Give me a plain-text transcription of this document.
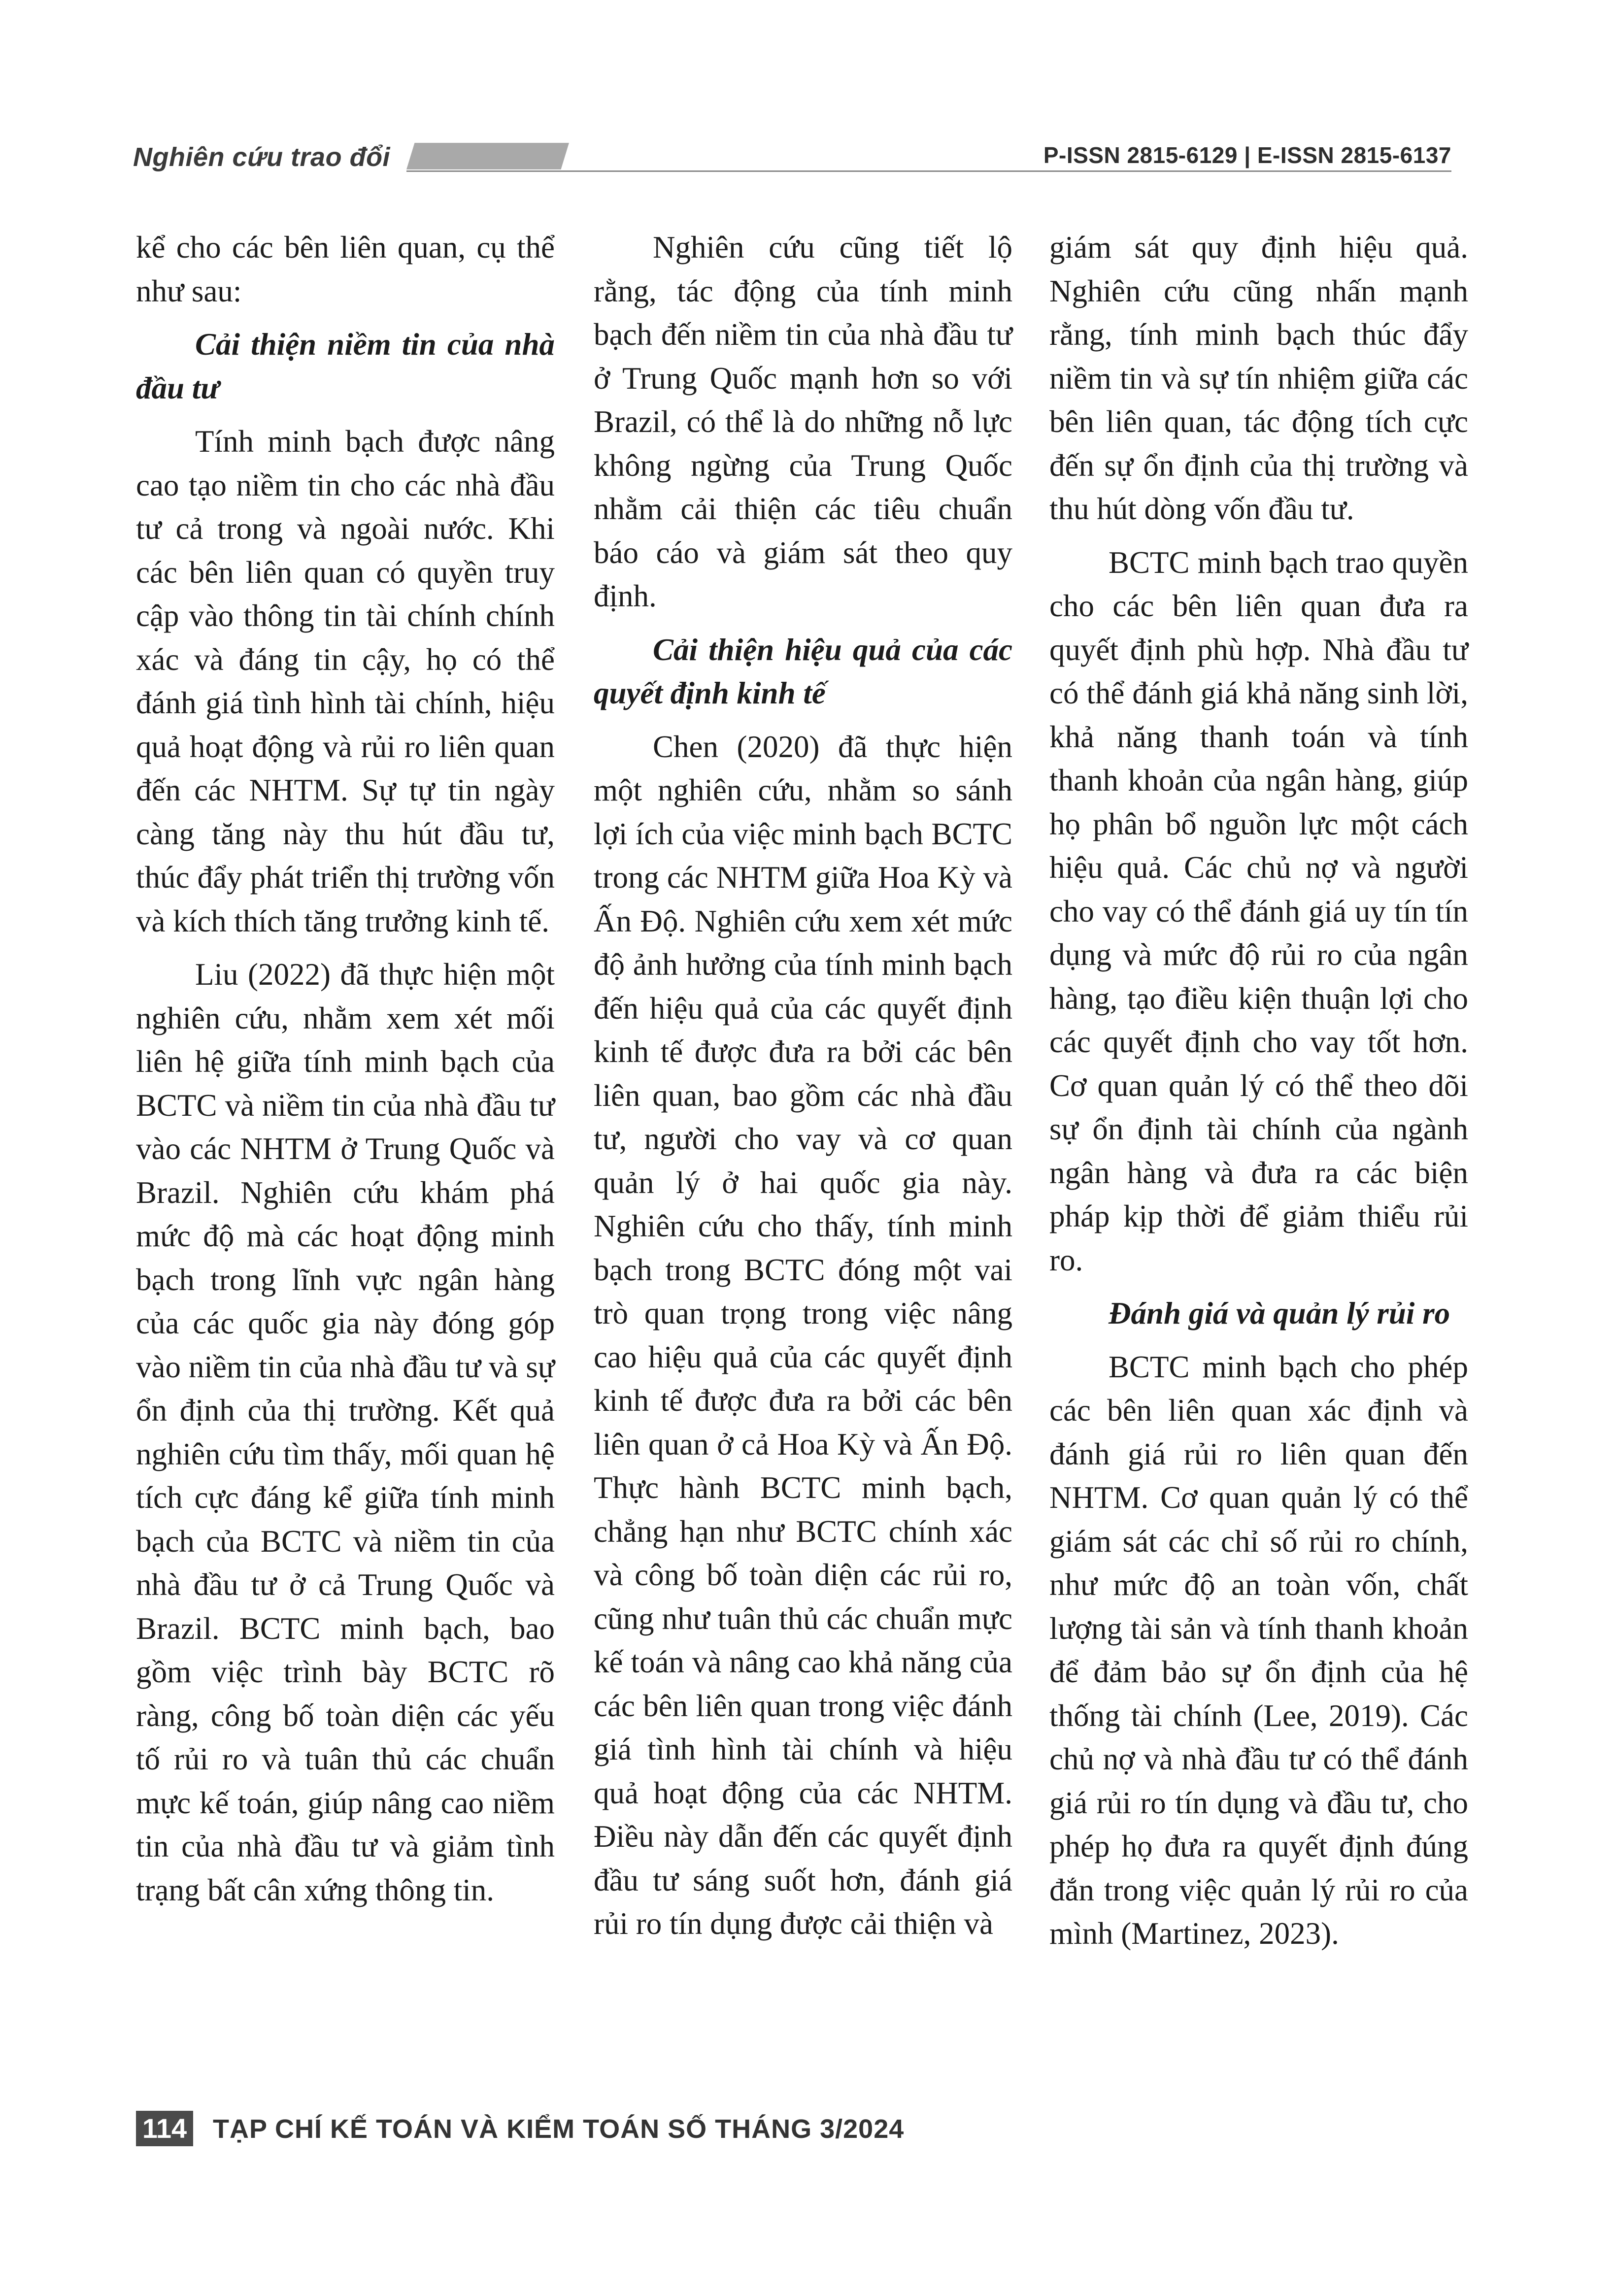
Nghiên cứu trao đổi	P-ISSN 2815-6129 | E-ISSN 2815-6137

kể cho các bên liên quan, cụ thể như sau:

Cải thiện niềm tin của nhà đầu tư

Tính minh bạch được nâng cao tạo niềm tin cho các nhà đầu tư cả trong và ngoài nước. Khi các bên liên quan có quyền truy cập vào thông tin tài chính chính xác và đáng tin cậy, họ có thể đánh giá tình hình tài chính, hiệu quả hoạt động và rủi ro liên quan đến các NHTM. Sự tự tin ngày càng tăng này thu hút đầu tư, thúc đẩy phát triển thị trường vốn và kích thích tăng trưởng kinh tế.

Liu (2022) đã thực hiện một nghiên cứu, nhằm xem xét mối liên hệ giữa tính minh bạch của BCTC và niềm tin của nhà đầu tư vào các NHTM ở Trung Quốc và Brazil. Nghiên cứu khám phá mức độ mà các hoạt động minh bạch trong lĩnh vực ngân hàng của các quốc gia này đóng góp vào niềm tin của nhà đầu tư và sự ổn định của thị trường. Kết quả nghiên cứu tìm thấy, mối quan hệ tích cực đáng kể giữa tính minh bạch của BCTC và niềm tin của nhà đầu tư ở cả Trung Quốc và Brazil. BCTC minh bạch, bao gồm việc trình bày BCTC rõ ràng, công bố toàn diện các yếu tố rủi ro và tuân thủ các chuẩn mực kế toán, giúp nâng cao niềm tin của nhà đầu tư và giảm tình trạng bất cân xứng thông tin.

Nghiên cứu cũng tiết lộ rằng, tác động của tính minh bạch đến niềm tin của nhà đầu tư ở Trung Quốc mạnh hơn so với Brazil, có thể là do những nỗ lực không ngừng của Trung Quốc nhằm cải thiện các tiêu chuẩn báo cáo và giám sát theo quy định.

Cải thiện hiệu quả của các quyết định kinh tế

Chen (2020) đã thực hiện một nghiên cứu, nhằm so sánh lợi ích của việc minh bạch BCTC trong các NHTM giữa Hoa Kỳ và Ấn Độ. Nghiên cứu xem xét mức độ ảnh hưởng của tính minh bạch đến hiệu quả của các quyết định kinh tế được đưa ra bởi các bên liên quan, bao gồm các nhà đầu tư, người cho vay và cơ quan quản lý ở hai quốc gia này. Nghiên cứu cho thấy, tính minh bạch trong BCTC đóng một vai trò quan trọng trong việc nâng cao hiệu quả của các quyết định kinh tế được đưa ra bởi các bên liên quan ở cả Hoa Kỳ và Ấn Độ. Thực hành BCTC minh bạch, chẳng hạn như BCTC chính xác và công bố toàn diện các rủi ro, cũng như tuân thủ các chuẩn mực kế toán và nâng cao khả năng của các bên liên quan trong việc đánh giá tình hình tài chính và hiệu quả hoạt động của các NHTM. Điều này dẫn đến các quyết định đầu tư sáng suốt hơn, đánh giá rủi ro tín dụng được cải thiện và

giám sát quy định hiệu quả. Nghiên cứu cũng nhấn mạnh rằng, tính minh bạch thúc đẩy niềm tin và sự tín nhiệm giữa các bên liên quan, tác động tích cực đến sự ổn định của thị trường và thu hút dòng vốn đầu tư.

BCTC minh bạch trao quyền cho các bên liên quan đưa ra quyết định phù hợp. Nhà đầu tư có thể đánh giá khả năng sinh lời, khả năng thanh toán và tính thanh khoản của ngân hàng, giúp họ phân bổ nguồn lực một cách hiệu quả. Các chủ nợ và người cho vay có thể đánh giá uy tín tín dụng và mức độ rủi ro của ngân hàng, tạo điều kiện thuận lợi cho các quyết định cho vay tốt hơn. Cơ quan quản lý có thể theo dõi sự ổn định tài chính của ngành ngân hàng và đưa ra các biện pháp kịp thời để giảm thiểu rủi ro.

Đánh giá và quản lý rủi ro

BCTC minh bạch cho phép các bên liên quan xác định và đánh giá rủi ro liên quan đến NHTM. Cơ quan quản lý có thể giám sát các chỉ số rủi ro chính, như mức độ an toàn vốn, chất lượng tài sản và tính thanh khoản để đảm bảo sự ổn định của hệ thống tài chính (Lee, 2019). Các chủ nợ và nhà đầu tư có thể đánh giá rủi ro tín dụng và đầu tư, cho phép họ đưa ra quyết định đúng đắn trong việc quản lý rủi ro của mình (Martinez, 2023).

114 TẠP CHÍ KẾ TOÁN VÀ KIỂM TOÁN SỐ THÁNG 3/2024
